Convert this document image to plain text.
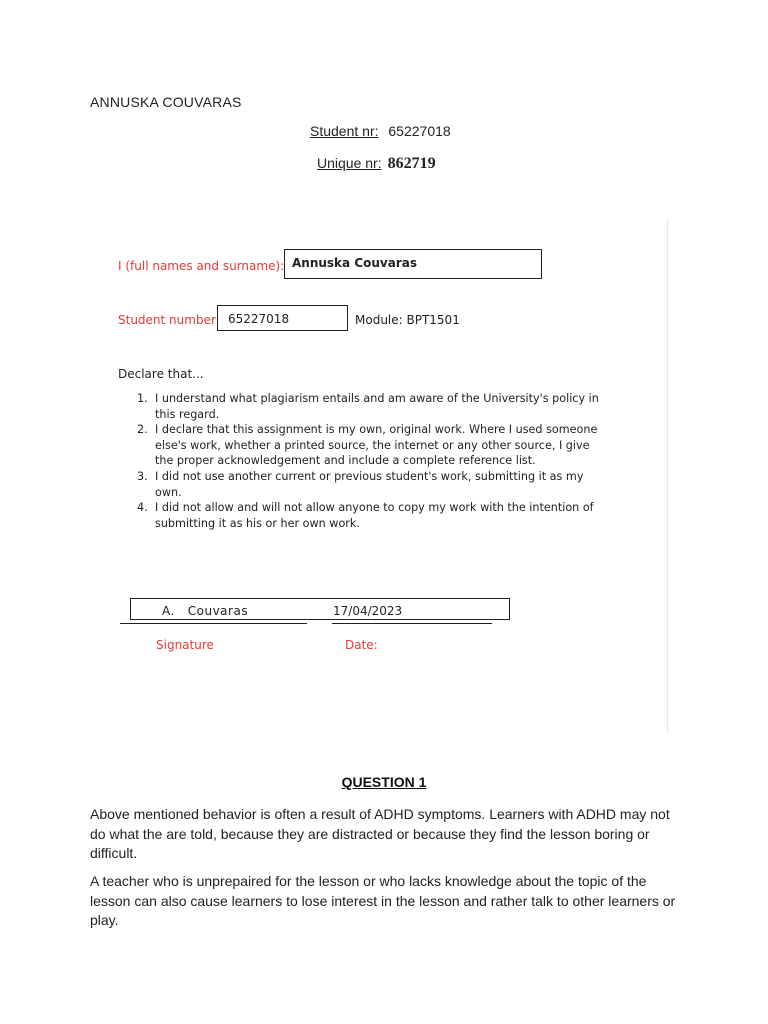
ANNUSKA COUVARAS
Student nr: 65227018
Unique nr: 862719
I (full names and surname): Annuska Couvaras
Student number: 65227018	Module: BPT1501
Declare that...
1. I understand what plagiarism entails and am aware of the University's policy in
this regard.
2. I declare that this assignment is my own, original work. Where I used someone
else's work, whether a printed source, the internet or any other source, I give
the proper acknowledgement and include a complete reference list.
3. I did not use another current or previous student's work, submitting it as my
own.
4. I did not allow and will not allow anyone to copy my work with the intention of
submitting it as his or her own work.
A.   Couvaras	17/04/2023
Signature	Date:
QUESTION 1
Above mentioned behavior is often a result of ADHD symptoms. Learners with ADHD may not do what the are told, because they are distracted or because they find the lesson boring or difficult.
A teacher who is unprepaired for the lesson or who lacks knowledge about the topic of the lesson can also cause learners to lose interest in the lesson and rather talk to other learners or play.
